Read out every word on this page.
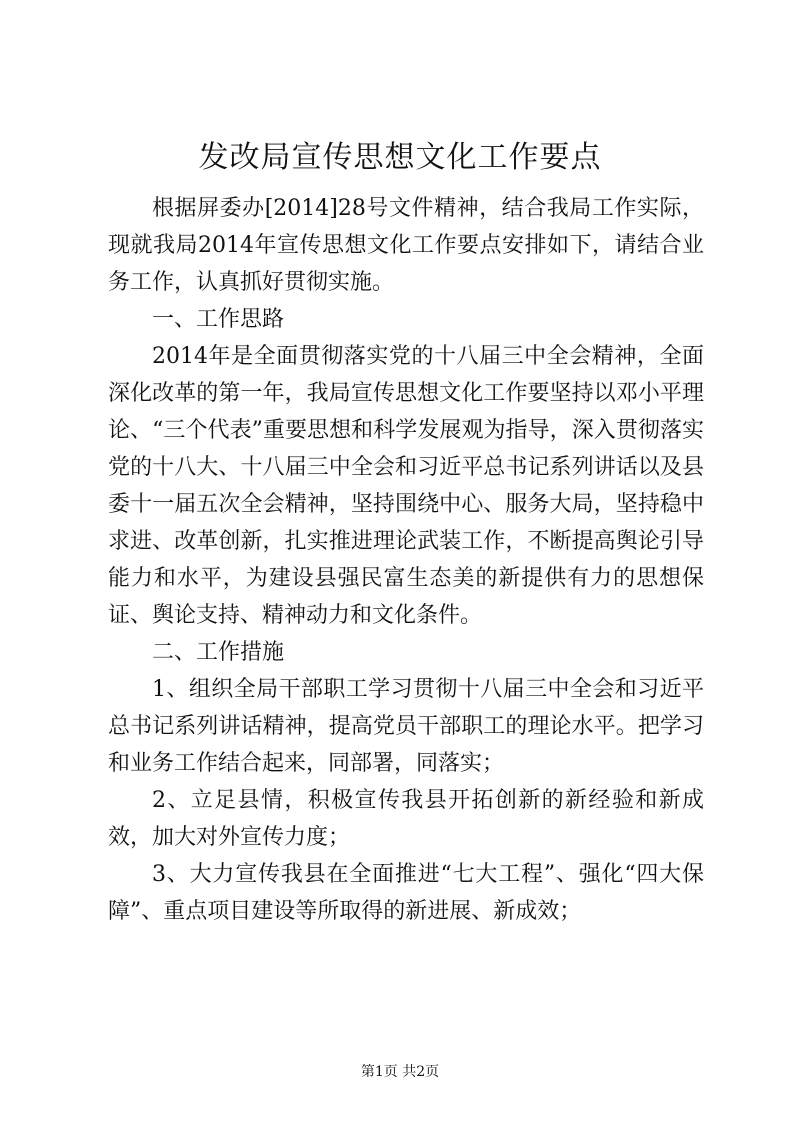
发改局宣传思想文化工作要点

根据屏委办[2014]28号文件精神，结合我局工作实际，现就我局2014年宣传思想文化工作要点安排如下，请结合业务工作，认真抓好贯彻实施。

一、工作思路

2014年是全面贯彻落实党的十八届三中全会精神，全面深化改革的第一年，我局宣传思想文化工作要坚持以邓小平理论、“三个代表”重要思想和科学发展观为指导，深入贯彻落实党的十八大、十八届三中全会和习近平总书记系列讲话以及县委十一届五次全会精神，坚持围绕中心、服务大局，坚持稳中求进、改革创新，扎实推进理论武装工作，不断提高舆论引导能力和水平，为建设县强民富生态美的新提供有力的思想保证、舆论支持、精神动力和文化条件。

二、工作措施

1、组织全局干部职工学习贯彻十八届三中全会和习近平总书记系列讲话精神，提高党员干部职工的理论水平。把学习和业务工作结合起来，同部署，同落实；

2、立足县情，积极宣传我县开拓创新的新经验和新成效，加大对外宣传力度；

3、大力宣传我县在全面推进“七大工程”、强化“四大保障”、重点项目建设等所取得的新进展、新成效；

第1页 共2页
